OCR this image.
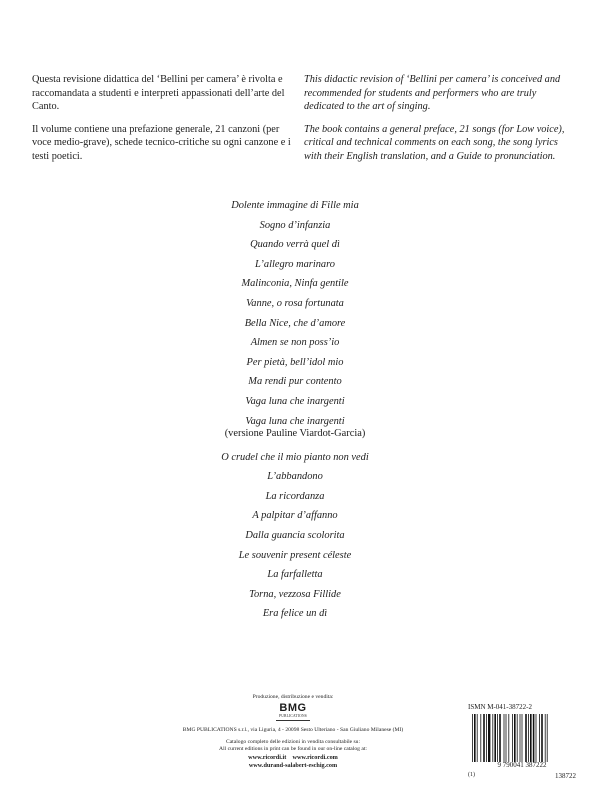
Questa revisione didattica del ‘Bellini per camera’ è rivolta e raccomandata a studenti e interpreti appassionati dell’arte del Canto.

Il volume contiene una prefazione generale, 21 canzoni (per voce medio-grave), schede tecnico-critiche su ogni canzone e i testi poetici.

This didactic revision of ‘Bellini per camera’ is conceived and recommended for students and performers who are truly dedicated to the art of singing.

The book contains a general preface, 21 songs (for Low voice), critical and technical comments on each song, the song lyrics with their English translation, and a Guide to pronunciation.

Dolente immagine di Fille mia
Sogno d’infanzia
Quando verrà quel dì
L’allegro marinaro
Malinconia, Ninfa gentile
Vanne, o rosa fortunata
Bella Nice, che d’amore
Almen se non poss’io
Per pietà, bell’idol mio
Ma rendi pur contento
Vaga luna che inargenti
Vaga luna che inargenti
(versione Pauline Viardot-Garcia)
O crudel che il mio pianto non vedi
L’abbandono
La ricordanza
A palpitar d’affanno
Dalla guancia scolorita
Le souvenir present céleste
La farfalletta
Torna, vezzosa Fillide
Era felice un dì
Produzione, distribuzione e vendita:
BMG
PUBLICATIONS
BMG PUBLICATIONS s.r.l., via Liguria, 4 - 20098 Sesto Ulteriano - San Giuliano Milanese (MI)
Catalogo completo delle edizioni in vendita consultabile su:
All current editions in print can be found in our on-line catalog at:
www.ricordi.it    www.ricordi.com
www.durand-salabert-eschig.com
ISMN M-041-38722-2
9 790041 387222
(1)	138722
